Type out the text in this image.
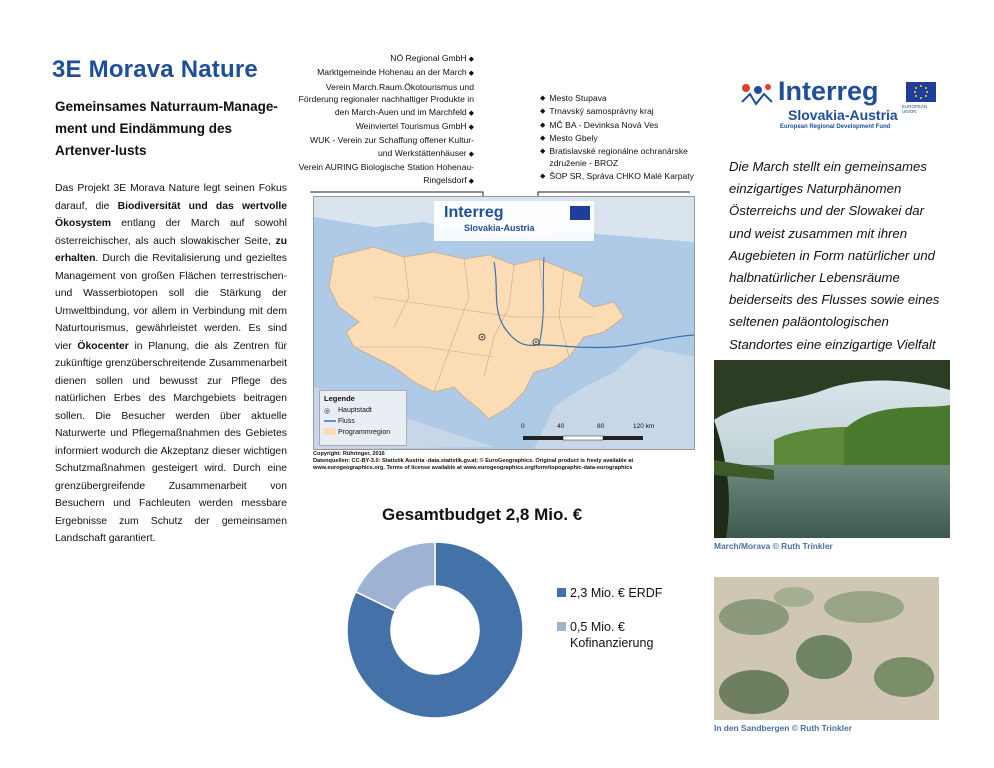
3E Morava Nature
Gemeinsames Naturraum-Manage-ment und Eindämmung des Artenver-lusts
Das Projekt 3E Morava Nature legt seinen Fokus darauf, die Biodiversität und das wertvolle Ökosystem entlang der March auf sowohl österreichischer, als auch slowakischer Seite, zu erhalten. Durch die Revitalisierung und gezieltes Management von großen Flächen terrestrischen- und Wasserbiotopen soll die Stärkung der Umweltbindung, vor allem in Verbindung mit dem Naturtourismus, gewährleistet werden. Es sind vier Ökocenter in Planung, die als Zentren für zukünftige grenzüberschreitende Zusammenarbeit dienen sollen und bewusst zur Pflege des natürlichen Erbes des Marchgebiets beitragen sollen. Die Besucher werden über aktuelle Naturwerte und Pflegemaßnahmen des Gebietes informiert wodurch die Akzeptanz dieser wichtigen Schutzmaßnahmen gesteigert wird. Durch eine grenzübergreifende Zusammenarbeit von Besuchern und Fachleuten werden messbare Ergebnisse zum Schutz der gemeinsamen Landschaft garantiert.
NÖ Regional GmbH ◆
Marktgemeinde Hohenau an der March ◆
Verein March.Raum.Ökotourismus und Förderung regionaler nachhaltiger Produkte in den March-Auen und im Marchfeld ◆
Weinviertel Tourismus GmbH ◆
WUK - Verein zur Schaffung offener Kultur- und Werkstättenhäuser ◆
Verein AURING Biologische Station Hohenau-Ringelsdorf ◆
◆ Mesto Stupava
◆ Trnavský samosprávny kraj
◆ MČ BA - Devinksa Nová Ves
◆ Mesto Gbely
◆ Bratislavské regionálne ochranárske združenie - BROZ
◆ ŠOP SR, Správa CHKO Malé Karpaty
Interreg
Slovakia-Austria
Legende
◎	Hauptstadt
Fluss
Programmregion
0	40	80	120 km
Copyright: Rühringer, 2016
Datenquellen: CC-BY-3.0: Statistik Austria -data.statistik.gv.at; © EuroGeographics. Original product is freely available at www.eurogeographics.org. Terms of license available at www.eurogeographics.org/form/topographic-data-eurographics
Gesamtbudget 2,8 Mio. €
2,3 Mio. € ERDF
0,5 Mio. €
Kofinanzierung
Interreg
Slovakia-Austria
European Regional Development Fund
EUROPEAN UNION
Die March stellt ein gemeinsames einzigartiges Naturphänomen Österreichs und der Slowakei dar und weist zusammen mit ihren Augebieten in Form natürlicher und halbnatürlicher Lebensräume beiderseits des Flusses sowie eines seltenen paläontologischen Standortes eine einzigartige Vielfalt
March/Morava © Ruth Trinkler
In den Sandbergen © Ruth Trinkler
